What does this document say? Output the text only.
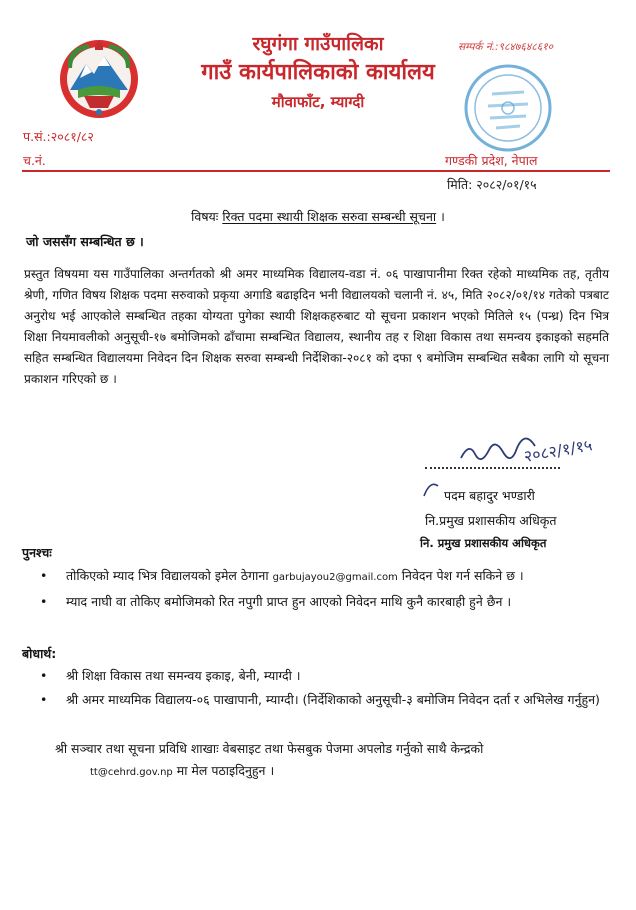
रघुगंगा गाउँपालिका
गाउँ कार्यपालिकाको कार्यालय
मौवाफाँट, म्याग्दी
सम्पर्क नं.:९८४७६४८६१०
प.सं.:२०८१/८२
च.नं.	गण्डकी प्रदेश, नेपाल
मिति: २०८२/०१/१५
विषयः रिक्त पदमा स्थायी शिक्षक सरुवा सम्बन्धी सूचना ।
जो जससँग सम्बन्धित छ ।

प्रस्तुत विषयमा यस गाउँपालिका अन्तर्गतको श्री अमर माध्यमिक विद्यालय-वडा नं. ०६ पाखापानीमा रिक्त रहेको माध्यमिक तह, तृतीय श्रेणी, गणित विषय शिक्षक पदमा सरुवाको प्रकृया अगाडि बढाइदिन भनी विद्यालयको चलानी नं. ४५, मिति २०८२/०१/१४ गतेको पत्रबाट अनुरोध भई आएकोले सम्बन्धित तहका योग्यता पुगेका स्थायी शिक्षकहरुबाट यो सूचना प्रकाशन भएको मितिले १५ (पन्ध्र) दिन भित्र शिक्षा नियमावलीको अनुसूची-१७ बमोजिमको ढाँचामा सम्बन्धित विद्यालय, स्थानीय तह र शिक्षा विकास तथा समन्वय इकाइको सहमति सहित सम्बन्धित विद्यालयमा निवेदन दिन शिक्षक सरुवा सम्बन्धी निर्देशिका-२०८१ को दफा ९ बमोजिम सम्बन्धित सबैका लागि यो सूचना प्रकाशन गरिएको छ ।

२०८२/१/१५
पदम बहादुर भण्डारी
नि.प्रमुख प्रशासकीय अधिकृत
नि. प्रमुख प्रशासकीय अधिकृत
पुनश्चः
• तोकिएको म्याद भित्र विद्यालयको इमेल ठेगाना garbujayou2@gmail.com निवेदन पेश गर्न सकिने छ ।
• म्याद नाघी वा तोकिए बमोजिमको रित नपुगी प्राप्त हुन आएको निवेदन माथि कुनै कारबाही हुने छैन ।
बोधार्थ:
• श्री शिक्षा विकास तथा समन्वय इकाइ, बेनी, म्याग्दी ।
• श्री अमर माध्यमिक विद्यालय-०६ पाखापानी, म्याग्दी। (निर्देशिकाको अनुसूची-३ बमोजिम निवेदन दर्ता र अभिलेख गर्नुहुन)
श्री सञ्चार तथा सूचना प्रविधि शाखाः वेबसाइट तथा फेसबुक पेजमा अपलोड गर्नुको साथै केन्द्रको
tt@cehrd.gov.np मा मेल पठाइदिनुहुन ।
